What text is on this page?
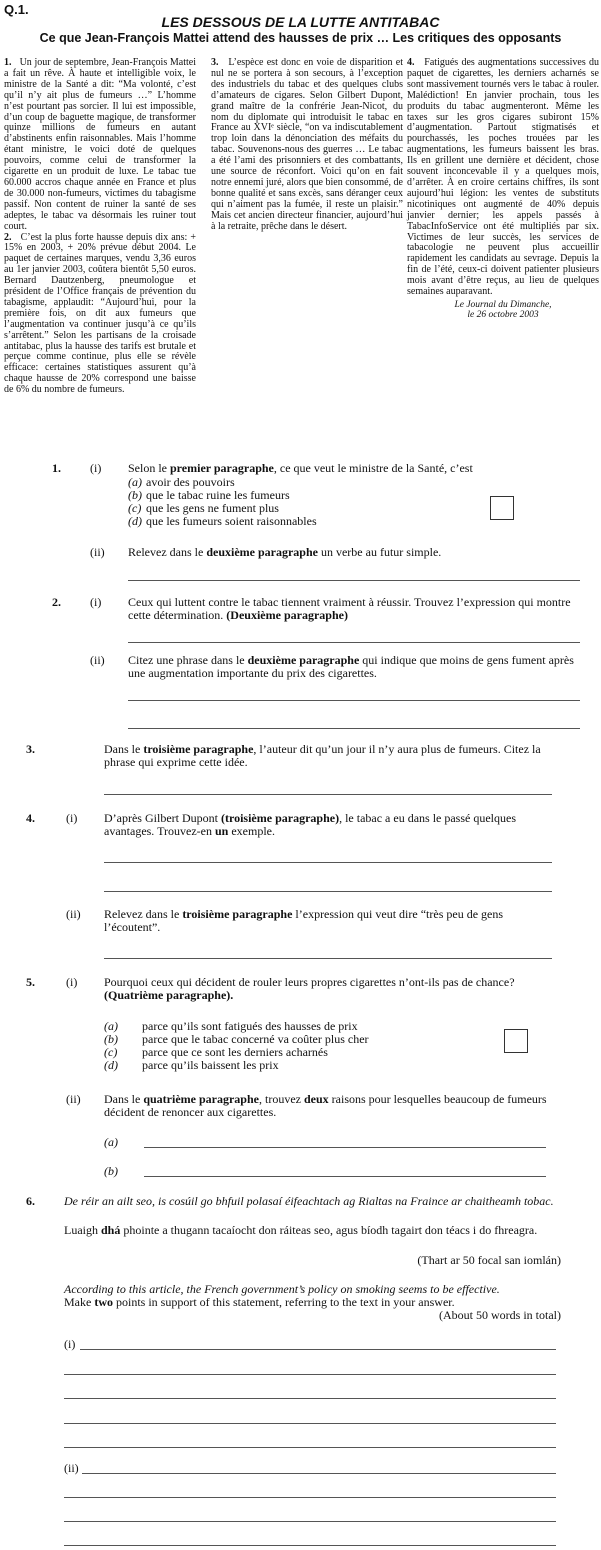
Q.1.
LES DESSOUS DE LA LUTTE ANTITABAC
Ce que Jean-François Mattei attend des hausses de prix … Les critiques des opposants

1. Un jour de septembre, Jean-François Mattei a fait un rêve. À haute et intelligible voix, le ministre de la Santé a dit: “Ma volonté, c’est qu’il n’y ait plus de fumeurs …” L’homme n’est pourtant pas sorcier. Il lui est impossible, d’un coup de baguette magique, de transformer quinze millions de fumeurs en autant d’abstinents enfin raisonnables. Mais l’homme étant ministre, le voici doté de quelques pouvoirs, comme celui de transformer la cigarette en un produit de luxe. Le tabac tue 60.000 accros chaque année en France et plus de 30.000 non-fumeurs, victimes du tabagisme passif. Non content de ruiner la santé de ses adeptes, le tabac va désormais les ruiner tout court.

2. C’est la plus forte hausse depuis dix ans: + 15% en 2003, + 20% prévue début 2004. Le paquet de certaines marques, vendu 3,36 euros au 1er janvier 2003, coûtera bientôt 5,50 euros. Bernard Dautzenberg, pneumologue et président de l’Office français de prévention du tabagisme, applaudit: “Aujourd’hui, pour la première fois, on dit aux fumeurs que l’augmentation va continuer jusqu’à ce qu’ils s’arrêtent.” Selon les partisans de la croisade antitabac, plus la hausse des tarifs est brutale et perçue comme continue, plus elle se révèle efficace: certaines statistiques assurent qu’à chaque hausse de 20% correspond une baisse de 6% du nombre de fumeurs.

3. L’espèce est donc en voie de disparition et nul ne se portera à son secours, à l’exception des industriels du tabac et des quelques clubs d’amateurs de cigares. Selon Gilbert Dupont, grand maître de la confrérie Jean-Nicot, du nom du diplomate qui introduisit le tabac en France au XVIᵉ siècle, “on va indiscutablement trop loin dans la dénonciation des méfaits du tabac. Souvenons-nous des guerres … Le tabac a été l’ami des prisonniers et des combattants, une source de réconfort. Voici qu’on en fait notre ennemi juré, alors que bien consommé, de bonne qualité et sans excès, sans déranger ceux qui n’aiment pas la fumée, il reste un plaisir.” Mais cet ancien directeur financier, aujourd’hui à la retraite, prêche dans le désert.

4. Fatigués des augmentations successives du paquet de cigarettes, les derniers acharnés se sont massivement tournés vers le tabac à rouler. Malédiction! En janvier prochain, tous les produits du tabac augmenteront. Même les taxes sur les gros cigares subiront 15% d’augmentation. Partout stigmatisés et pourchassés, les poches trouées par les augmentations, les fumeurs baissent les bras. Ils en grillent une dernière et décident, chose souvent inconcevable il y a quelques mois, d’arrêter. À en croire certains chiffres, ils sont aujourd’hui légion: les ventes de substituts nicotiniques ont augmenté de 40% depuis janvier dernier; les appels passés à TabacInfoService ont été multipliés par six. Victimes de leur succès, les services de tabacologie ne peuvent plus accueillir rapidement les candidats au sevrage. Depuis la fin de l’été, ceux-ci doivent patienter plusieurs mois avant d’être reçus, au lieu de quelques semaines auparavant.

Le Journal du Dimanche,
le 26 octobre 2003
1. (i) Selon le premier paragraphe, ce que veut le ministre de la Santé, c’est
(a) avoir des pouvoirs
(b) que le tabac ruine les fumeurs
(c) que les gens ne fument plus
(d) que les fumeurs soient raisonnables
(ii) Relevez dans le deuxième paragraphe un verbe au futur simple.
2. (i) Ceux qui luttent contre le tabac tiennent vraiment à réussir. Trouvez l’expression qui montre cette détermination. (Deuxième paragraphe)
(ii) Citez une phrase dans le deuxième paragraphe qui indique que moins de gens fument après une augmentation importante du prix des cigarettes.
3.	Dans le troisième paragraphe, l’auteur dit qu’un jour il n’y aura plus de fumeurs. Citez la phrase qui exprime cette idée.
4.	(i) D’après Gilbert Dupont (troisième paragraphe), le tabac a eu dans le passé quelques avantages. Trouvez-en un exemple.
(ii) Relevez dans le troisième paragraphe l’expression qui veut dire “très peu de gens l’écoutent”.
5.	(i) Pourquoi ceux qui décident de rouler leurs propres cigarettes n’ont-ils pas de chance?
(Quatrième paragraphe).
(a)	parce qu’ils sont fatigués des hausses de prix
(b)	parce que le tabac concerné va coûter plus cher
(c)	parce que ce sont les derniers acharnés
(d)	parce qu’ils baissent les prix
(ii) Dans le quatrième paragraphe, trouvez deux raisons pour lesquelles beaucoup de fumeurs décident de renoncer aux cigarettes.
(a)
(b)
6. De réir an ailt seo, is cosúil go bhfuil polasaí éifeachtach ag Rialtas na Fraince ar chaitheamh tobac.
Luaigh dhá phointe a thugann tacaíocht don ráiteas seo, agus bíodh tagairt don téacs i do fhreagra.
(Thart ar 50 focal san iomlán)
According to this article, the French government’s policy on smoking seems to be effective.
Make two points in support of this statement, referring to the text in your answer.
(About 50 words in total)
(i)
(ii)
